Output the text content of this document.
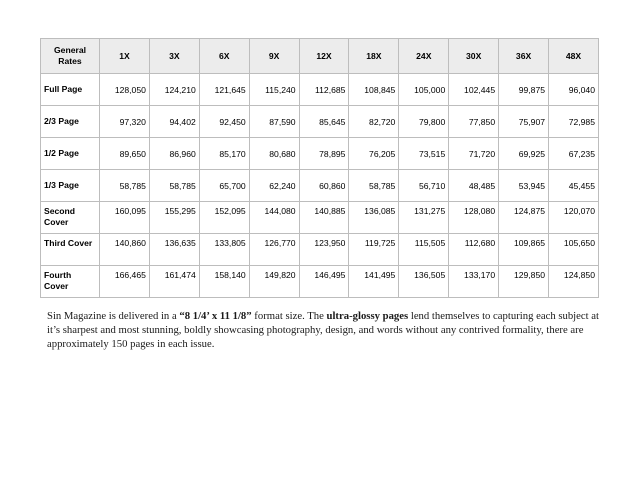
General
Rates	1X	3X	6X	9X	12X	18X	24X	30X	36X	48X
Full Page	128,050	124,210	121,645	115,240	112,685	108,845	105,000	102,445	99,875	96,040
2/3 Page	97,320	94,402	92,450	87,590	85,645	82,720	79,800	77,850	75,907	72,985
1/2 Page	89,650	86,960	85,170	80,680	78,895	76,205	73,515	71,720	69,925	67,235
1/3 Page	58,785	58,785	65,700	62,240	60,860	58,785	56,710	48,485	53,945	45,455
Second Cover	160,095	155,295	152,095	144,080	140,885	136,085	131,275	128,080	124,875	120,070
Third Cover	140,860	136,635	133,805	126,770	123,950	119,725	115,505	112,680	109,865	105,650
Fourth Cover	166,465	161,474	158,140	149,820	146,495	141,495	136,505	133,170	129,850	124,850

Sin Magazine is delivered in a “8 1/4’ x 11 1/8” format size. The ultra-glossy pages lend themselves to capturing each subject at it’s sharpest and most stunning, boldly showcasing photography, design, and words without any contrived formality, there are approximately 150 pages in each issue.
